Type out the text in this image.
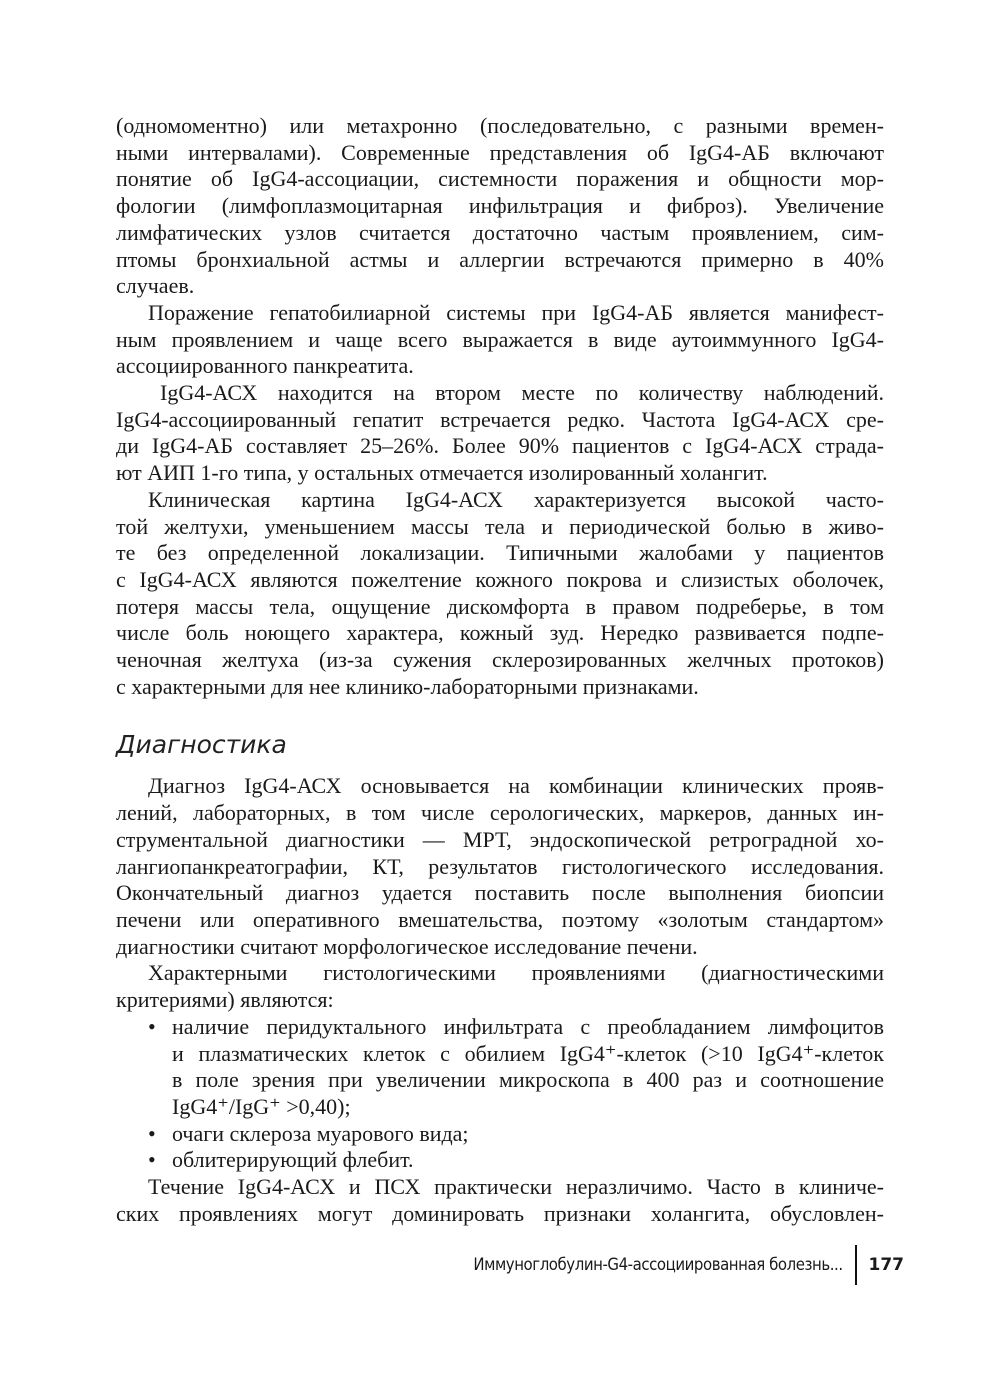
(одномоментно) или метахронно (последовательно, с разными времен-
ными интервалами). Современные представления об IgG4-АБ включают
понятие об IgG4-ассоциации, системности поражения и общности мор-
фологии (лимфоплазмоцитарная инфильтрация и фиброз). Увеличение
лимфатических узлов считается достаточно частым проявлением, сим-
птомы бронхиальной астмы и аллергии встречаются примерно в 40%
случаев.
Поражение гепатобилиарной системы при IgG4-АБ является манифест-
ным проявлением и чаще всего выражается в виде аутоиммунного IgG4-
ассоциированного панкреатита.
IgG4-АСХ находится на втором месте по количеству наблюдений.
IgG4-ассоциированный гепатит встречается редко. Частота IgG4-АСХ сре-
ди IgG4-АБ составляет 25–26%. Более 90% пациентов с IgG4-АСХ страда-
ют АИП 1-го типа, у остальных отмечается изолированный холангит.
Клиническая картина IgG4-АСХ характеризуется высокой часто-
той желтухи, уменьшением массы тела и периодической болью в живо-
те без определенной локализации. Типичными жалобами у пациентов
с IgG4-АСХ являются пожелтение кожного покрова и слизистых оболочек,
потеря массы тела, ощущение дискомфорта в правом подреберье, в том
числе боль ноющего характера, кожный зуд. Нередко развивается подпе-
ченочная желтуха (из-за сужения склерозированных желчных протоков)
с характерными для нее клинико-лабораторными признаками.
Диагностика
Диагноз IgG4-АСХ основывается на комбинации клинических прояв-
лений, лабораторных, в том числе серологических, маркеров, данных ин-
струментальной диагностики — МРТ, эндоскопической ретроградной хо-
лангиопанкреатографии, КТ, результатов гистологического исследования.
Окончательный диагноз удается поставить после выполнения биопсии
печени или оперативного вмешательства, поэтому «золотым стандартом»
диагностики считают морфологическое исследование печени.
Характерными гистологическими проявлениями (диагностическими
критериями) являются:
• наличие перидуктального инфильтрата с преобладанием лимфоцитов
и плазматических клеток с обилием IgG4⁺-клеток (>10 IgG4⁺-клеток
в поле зрения при увеличении микроскопа в 400 раз и соотношение
IgG4⁺/IgG⁺ >0,40);
• очаги склероза муарового вида;
• облитерирующий флебит.
Течение IgG4-АСХ и ПСХ практически неразличимо. Часто в клиниче-
ских проявлениях могут доминировать признаки холангита, обусловлен-
Иммуноглобулин-G4-ассоциированная болезнь... 177
